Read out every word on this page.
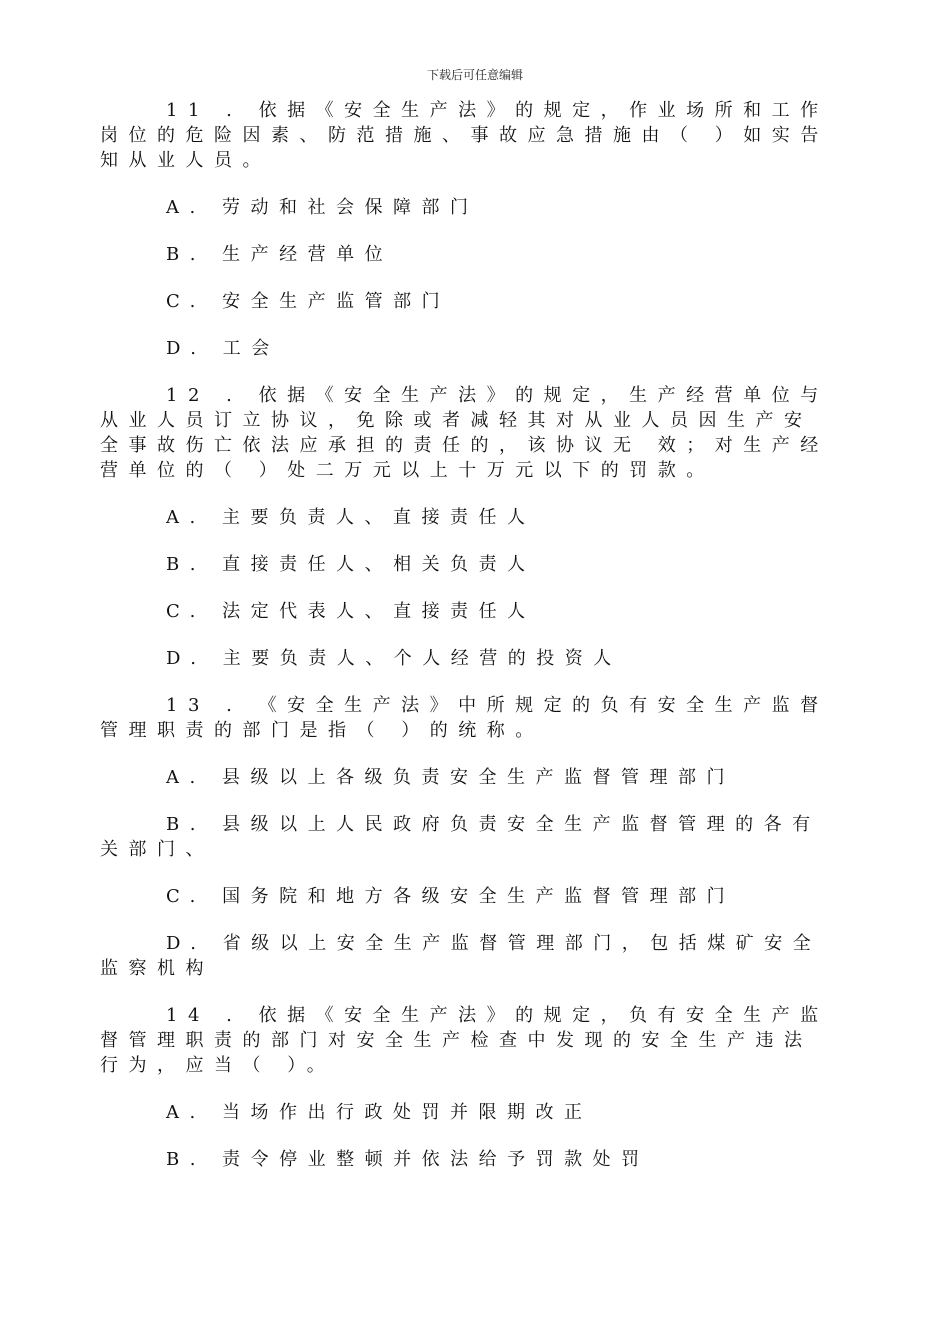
下载后可任意编辑
11 . 依据《安全生产法》的规定，作业场所和工作岗位的危险因素、防范措施、事故应急措施由（ ）如实告知从业人员。
A. 劳动和社会保障部门
B. 生产经营单位
C. 安全生产监管部门
D. 工会
12 . 依据《安全生产法》的规定，生产经营单位与从业人员订立协议，免除或者减轻其对从业人员因生产安全事故伤亡依法应承担的责任的，该协议无 效；对生产经营单位的（ ）处二万元以上十万元以下的罚款。
A. 主要负责人、直接责任人
B. 直接责任人、相关负责人
C. 法定代表人、直接责任人
D. 主要负责人、个人经营的投资人
13 . 《安全生产法》中所规定的负有安全生产监督管理职责的部门是指（ ）的统称。
A. 县级以上各级负责安全生产监督管理部门
B. 县级以上人民政府负责安全生产监督管理的各有关部门、
C. 国务院和地方各级安全生产监督管理部门
D. 省级以上安全生产监督管理部门，包括煤矿安全监察机构
14 . 依据《安全生产法》的规定，负有安全生产监督管理职责的部门对安全生产检查中发现的安全生产违法行为，应当（ ）。
A. 当场作出行政处罚并限期改正
B. 责令停业整顿并依法给予罚款处罚
